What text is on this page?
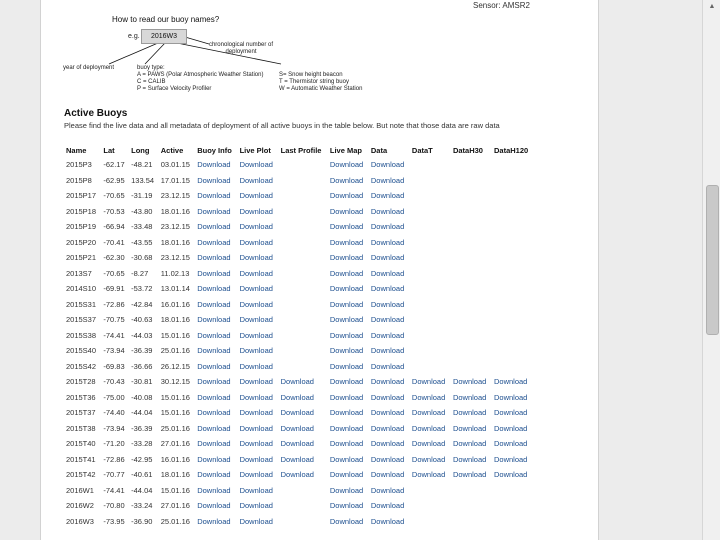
Sensor: AMSR2
How to read our buoy names?
e.g.	2016W3
chronological number of deployment
year of deployment	buoy type:
A = PAWS (Polar Atmospheric Weather Station)
C = CALIB
P = Surface Velocity Profiler
S= Snow height beacon
T = Thermistor string buoy
W = Automatic Weather Station
Active Buoys
Please find the live data and all metadata of deployment of all active buoys in the table below. But note that those data are raw data
Name	Lat	Long	Active	Buoy Info	Live Plot	Last Profile	Live Map	Data	DataT	DataH30	DataH120
2015P3	-62.17	-48.21	03.01.15	Download	Download		Download	Download			
2015P8	-62.95	133.54	17.01.15	Download	Download		Download	Download			
2015P17	-70.65	-31.19	23.12.15	Download	Download		Download	Download			
2015P18	-70.53	-43.80	18.01.16	Download	Download		Download	Download			
2015P19	-66.94	-33.48	23.12.15	Download	Download		Download	Download			
2015P20	-70.41	-43.55	18.01.16	Download	Download		Download	Download			
2015P21	-62.30	-30.68	23.12.15	Download	Download		Download	Download			
2013S7	-70.65	-8.27	11.02.13	Download	Download		Download	Download			
2014S10	-69.91	-53.72	13.01.14	Download	Download		Download	Download			
2015S31	-72.86	-42.84	16.01.16	Download	Download		Download	Download			
2015S37	-70.75	-40.63	18.01.16	Download	Download		Download	Download			
2015S38	-74.41	-44.03	15.01.16	Download	Download		Download	Download			
2015S40	-73.94	-36.39	25.01.16	Download	Download		Download	Download			
2015S42	-69.83	-36.66	26.12.15	Download	Download		Download	Download			
2015T28	-70.43	-30.81	30.12.15	Download	Download	Download	Download	Download	Download	Download	Download
2015T36	-75.00	-40.08	15.01.16	Download	Download	Download	Download	Download	Download	Download	Download
2015T37	-74.40	-44.04	15.01.16	Download	Download	Download	Download	Download	Download	Download	Download
2015T38	-73.94	-36.39	25.01.16	Download	Download	Download	Download	Download	Download	Download	Download
2015T40	-71.20	-33.28	27.01.16	Download	Download	Download	Download	Download	Download	Download	Download
2015T41	-72.86	-42.95	16.01.16	Download	Download	Download	Download	Download	Download	Download	Download
2015T42	-70.77	-40.61	18.01.16	Download	Download	Download	Download	Download	Download	Download	Download
2016W1	-74.41	-44.04	15.01.16	Download	Download		Download	Download			
2016W2	-70.80	-33.24	27.01.16	Download	Download		Download	Download			
2016W3	-73.95	-36.90	25.01.16	Download	Download		Download	Download			
▲
